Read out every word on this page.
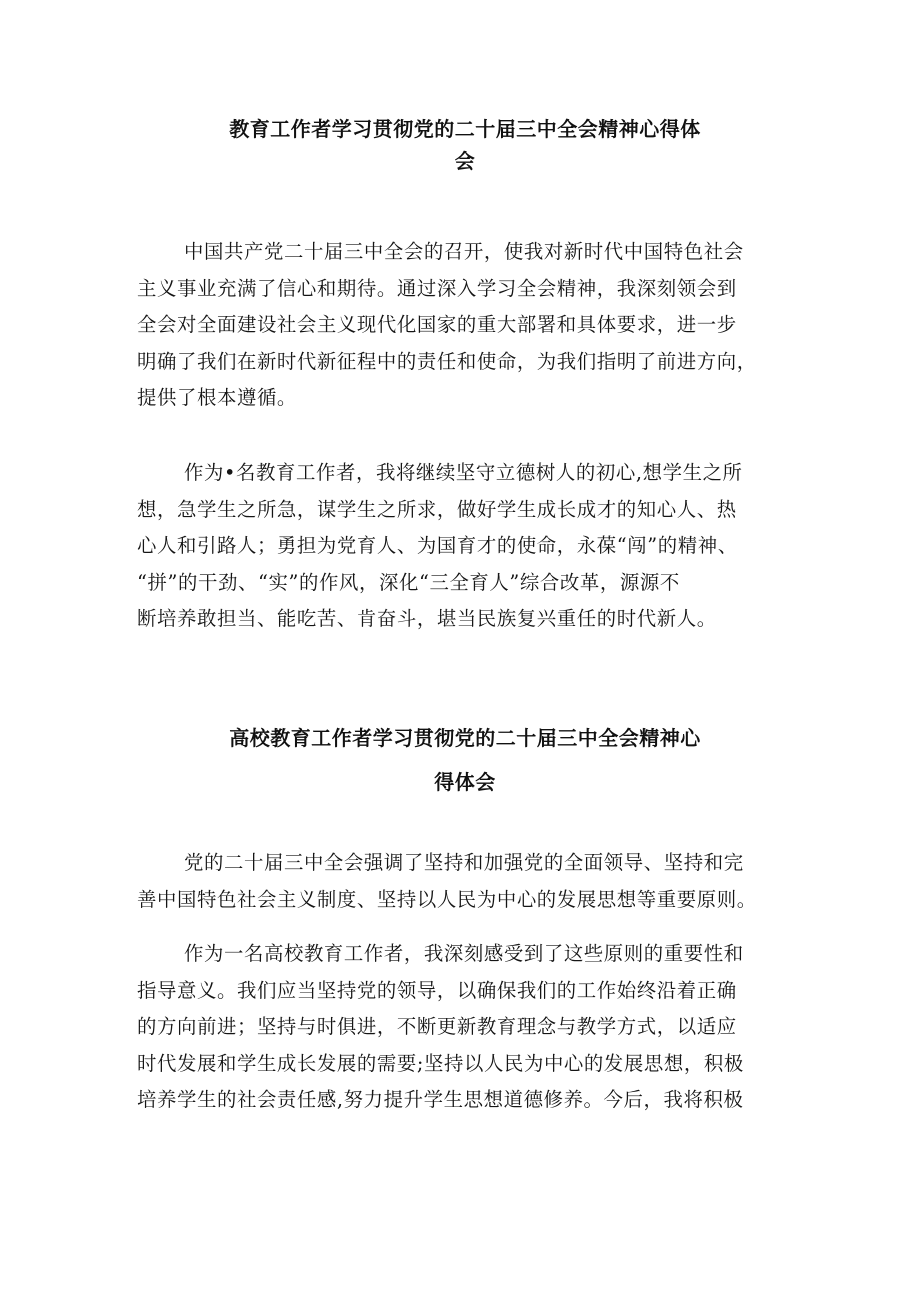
教育工作者学习贯彻党的二十届三中全会精神心得体
会
中国共产党二十届三中全会的召开，使我对新时代中国特色社会
主义事业充满了信心和期待。通过深入学习全会精神，我深刻领会到
全会对全面建设社会主义现代化国家的重大部署和具体要求，进一步
明确了我们在新时代新征程中的责任和使命，为我们指明了前进方向，
提供了根本遵循。
作为•名教育工作者，我将继续坚守立德树人的初心,想学生之所
想，急学生之所急，谋学生之所求，做好学生成长成才的知心人、热
心人和引路人；勇担为党育人、为国育才的使命，永葆“闯”的精神、
“拼”的干劲、“实”的作风，深化“三全育人”综合改革，源源不
断培养敢担当、能吃苦、肯奋斗，堪当民族复兴重任的时代新人。
高校教育工作者学习贯彻党的二十届三中全会精神心
得体会
党的二十届三中全会强调了坚持和加强党的全面领导、坚持和完
善中国特色社会主义制度、坚持以人民为中心的发展思想等重要原则。
作为一名高校教育工作者，我深刻感受到了这些原则的重要性和
指导意义。我们应当坚持党的领导，以确保我们的工作始终沿着正确
的方向前进；坚持与时俱进，不断更新教育理念与教学方式，以适应
时代发展和学生成长发展的需要;坚持以人民为中心的发展思想，积极
培养学生的社会责任感,努力提升学生思想道德修养。今后，我将积极
